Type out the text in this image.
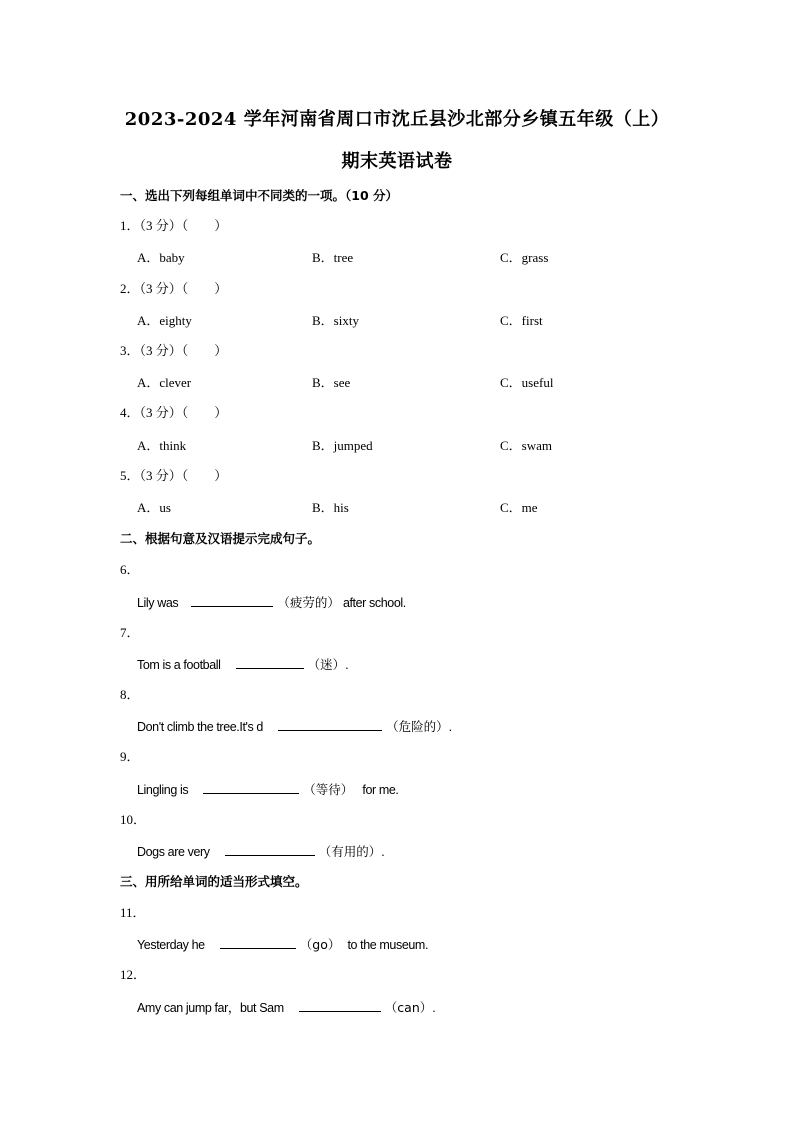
2023-2024 学年河南省周口市沈丘县沙北部分乡镇五年级（上）
期末英语试卷
一、选出下列每组单词中不同类的一项。（10 分）
1．（3 分）（　　）
A．baby	B．tree	C．grass
2．（3 分）（　　）
A．eighty	B．sixty	C．first
3．（3 分）（　　）
A．clever	B．see	C．useful
4．（3 分）（　　）
A．think	B．jumped	C．swam
5．（3 分）（　　）
A．us	B．his	C．me
二、根据句意及汉语提示完成句子。
6．
Lily was	（疲劳的） after school.
7．
Tom is a football	（迷）.
8．
Don't climb the tree.It's d	（危险的）.
9．
Lingling is	（等待） for me.
10．
Dogs are very	（有用的）.
三、用所给单词的适当形式填空。
11．
Yesterday he	（go） to the museum.
12．
Amy can jump far，but Sam	（can）.
